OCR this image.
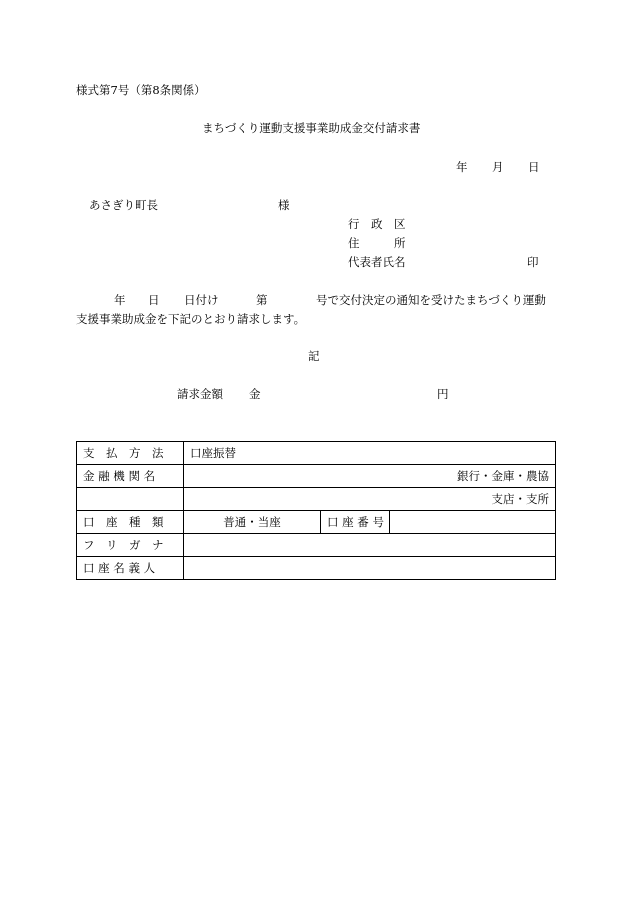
様式第7号（第8条関係）
まちづくり運動支援事業助成金交付請求書
年 月 日
あさぎり町長	様
行　政　区
住　　　所
代表者氏名	印
年 日 日付け	第	号で交付決定の通知を受けたまちづくり運動
支援事業助成金を下記のとおり請求します。
記
請求金額 金	円
支　払　方　法	口座振替		
金 融 機 関 名	銀行・金庫・農協		
	支店・支所		
口　座　種　類	普通・当座	口 座 番 号	
フ　リ　ガ　ナ			
口 座 名 義 人			
